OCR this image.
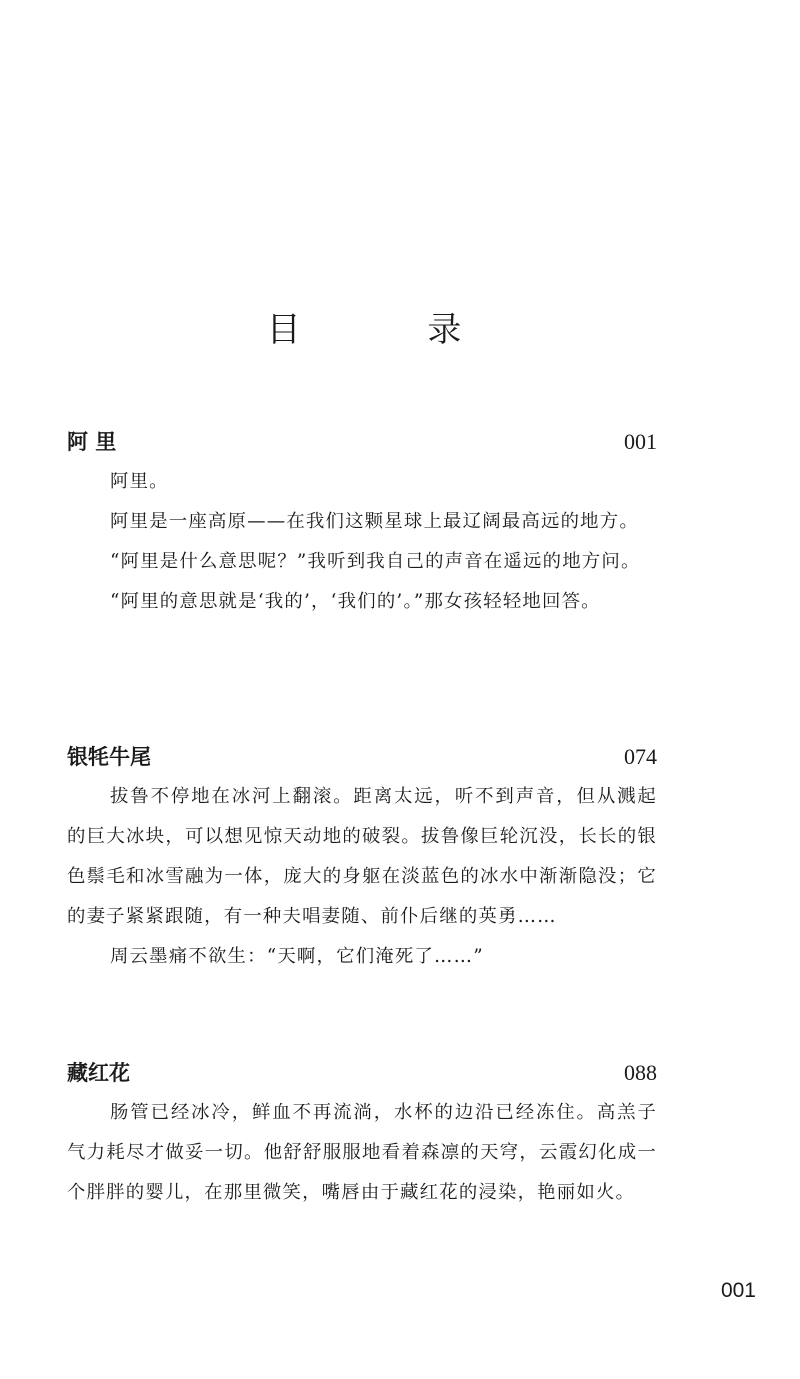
目 录
阿 里	001

阿里。

阿里是一座高原——在我们这颗星球上最辽阔最高远的地方。

“阿里是什么意思呢？”我听到我自己的声音在遥远的地方问。

“阿里的意思就是‘我的’，‘我们的’。”那女孩轻轻地回答。

银牦牛尾	074

拔鲁不停地在冰河上翻滚。距离太远，听不到声音，但从溅起的巨大冰块，可以想见惊天动地的破裂。拔鲁像巨轮沉没，长长的银色鬃毛和冰雪融为一体，庞大的身躯在淡蓝色的冰水中渐渐隐没；它的妻子紧紧跟随，有一种夫唱妻随、前仆后继的英勇……

周云墨痛不欲生：“天啊，它们淹死了……”

藏红花	088

肠管已经冰冷，鲜血不再流淌，水杯的边沿已经冻住。高羔子气力耗尽才做妥一切。他舒舒服服地看着森凛的天穹，云霞幻化成一个胖胖的婴儿，在那里微笑，嘴唇由于藏红花的浸染，艳丽如火。

001
